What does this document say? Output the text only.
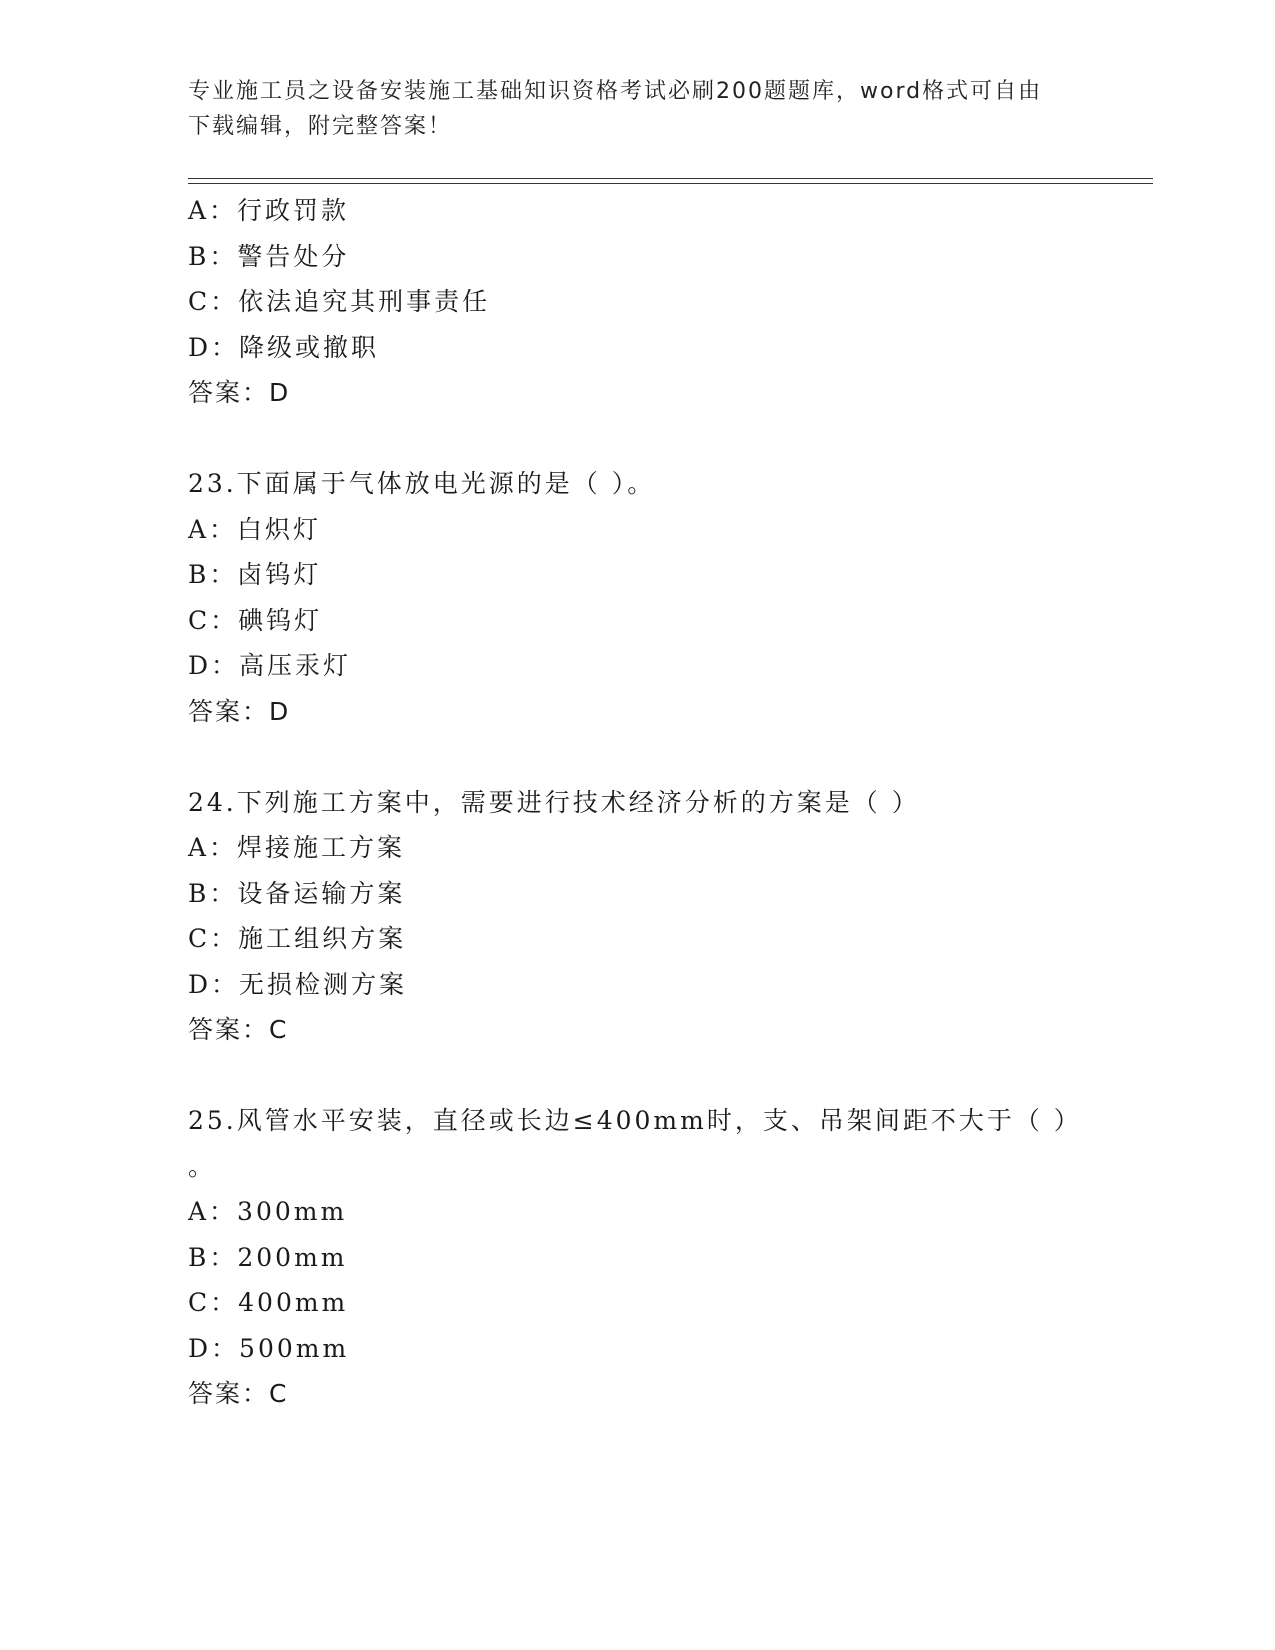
专业施工员之设备安装施工基础知识资格考试必刷200题题库，word格式可自由
下载编辑，附完整答案！
A：行政罚款
B：警告处分
C：依法追究其刑事责任
D：降级或撤职
答案：D
23.下面属于气体放电光源的是（ ）。
A：白炽灯
B：卤钨灯
C：碘钨灯
D：高压汞灯
答案：D
24.下列施工方案中，需要进行技术经济分析的方案是（ ）
A：焊接施工方案
B：设备运输方案
C：施工组织方案
D：无损检测方案
答案：C
25.风管水平安装，直径或长边≤400mm时，支、吊架间距不大于（ ）
。
A：300mm
B：200mm
C：400mm
D：500mm
答案：C
